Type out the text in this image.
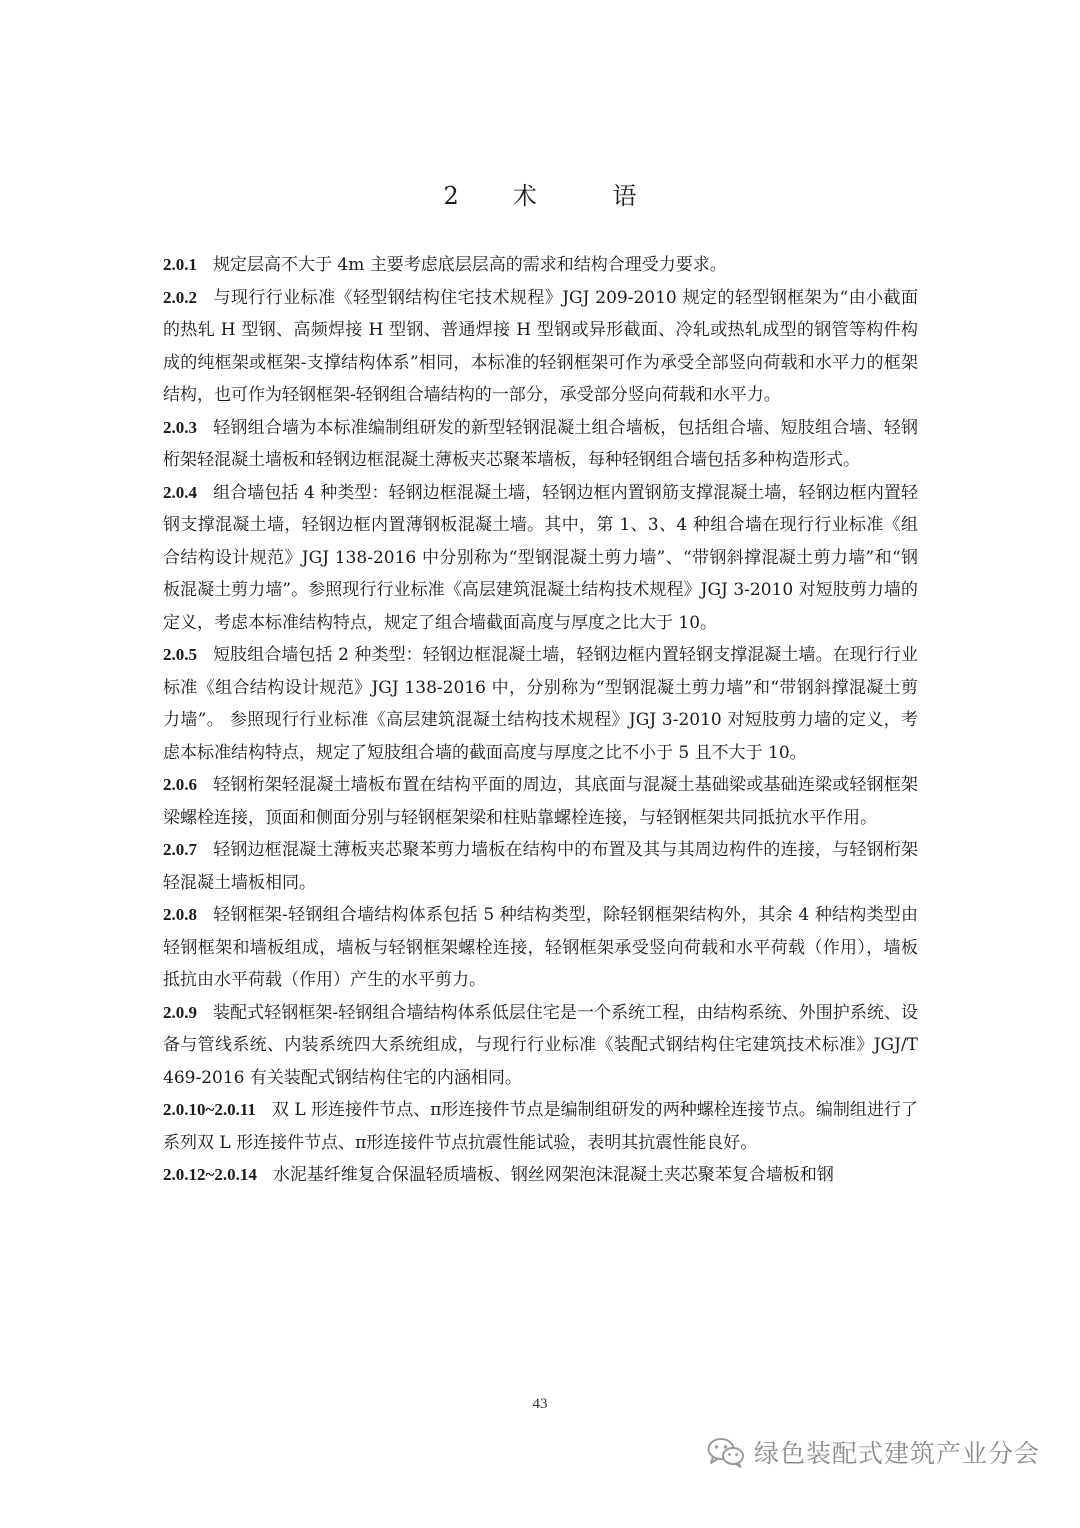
2 术 语

2.0.1 规定层高不大于 4m 主要考虑底层层高的需求和结构合理受力要求。

2.0.2 与现行行业标准《轻型钢结构住宅技术规程》JGJ 209-2010 规定的轻型钢框架为“由小截面的热轧 H 型钢、高频焊接 H 型钢、普通焊接 H 型钢或异形截面、冷轧或热轧成型的钢管等构件构成的纯框架或框架-支撑结构体系”相同，本标准的轻钢框架可作为承受全部竖向荷载和水平力的框架结构，也可作为轻钢框架-轻钢组合墙结构的一部分，承受部分竖向荷载和水平力。

2.0.3 轻钢组合墙为本标准编制组研发的新型轻钢混凝土组合墙板，包括组合墙、短肢组合墙、轻钢桁架轻混凝土墙板和轻钢边框混凝土薄板夹芯聚苯墙板，每种轻钢组合墙包括多种构造形式。

2.0.4 组合墙包括 4 种类型：轻钢边框混凝土墙，轻钢边框内置钢筋支撑混凝土墙，轻钢边框内置轻钢支撑混凝土墙，轻钢边框内置薄钢板混凝土墙。其中，第 1、3、4 种组合墙在现行行业标准《组合结构设计规范》JGJ 138-2016 中分别称为“型钢混凝土剪力墙”、“带钢斜撑混凝土剪力墙”和“钢板混凝土剪力墙”。参照现行行业标准《高层建筑混凝土结构技术规程》JGJ 3-2010 对短肢剪力墙的定义，考虑本标准结构特点，规定了组合墙截面高度与厚度之比大于 10。

2.0.5 短肢组合墙包括 2 种类型：轻钢边框混凝土墙，轻钢边框内置轻钢支撑混凝土墙。在现行行业标准《组合结构设计规范》JGJ 138-2016 中，分别称为“型钢混凝土剪力墙”和“带钢斜撑混凝土剪力墙”。 参照现行行业标准《高层建筑混凝土结构技术规程》JGJ 3-2010 对短肢剪力墙的定义，考虑本标准结构特点，规定了短肢组合墙的截面高度与厚度之比不小于 5 且不大于 10。

2.0.6 轻钢桁架轻混凝土墙板布置在结构平面的周边，其底面与混凝土基础梁或基础连梁或轻钢框架梁螺栓连接，顶面和侧面分别与轻钢框架梁和柱贴靠螺栓连接，与轻钢框架共同抵抗水平作用。

2.0.7 轻钢边框混凝土薄板夹芯聚苯剪力墙板在结构中的布置及其与其周边构件的连接，与轻钢桁架轻混凝土墙板相同。

2.0.8 轻钢框架-轻钢组合墙结构体系包括 5 种结构类型，除轻钢框架结构外，其余 4 种结构类型由轻钢框架和墙板组成，墙板与轻钢框架螺栓连接，轻钢框架承受竖向荷载和水平荷载（作用），墙板抵抗由水平荷载（作用）产生的水平剪力。

2.0.9 装配式轻钢框架-轻钢组合墙结构体系低层住宅是一个系统工程，由结构系统、外围护系统、设备与管线系统、内装系统四大系统组成，与现行行业标准《装配式钢结构住宅建筑技术标准》JGJ/T 469-2016 有关装配式钢结构住宅的内涵相同。

2.0.10~2.0.11 双 L 形连接件节点、π形连接件节点是编制组研发的两种螺栓连接节点。编制组进行了系列双 L 形连接件节点、π形连接件节点抗震性能试验，表明其抗震性能良好。

2.0.12~2.0.14 水泥基纤维复合保温轻质墙板、钢丝网架泡沫混凝土夹芯聚苯复合墙板和钢

43
绿色装配式建筑产业分会
